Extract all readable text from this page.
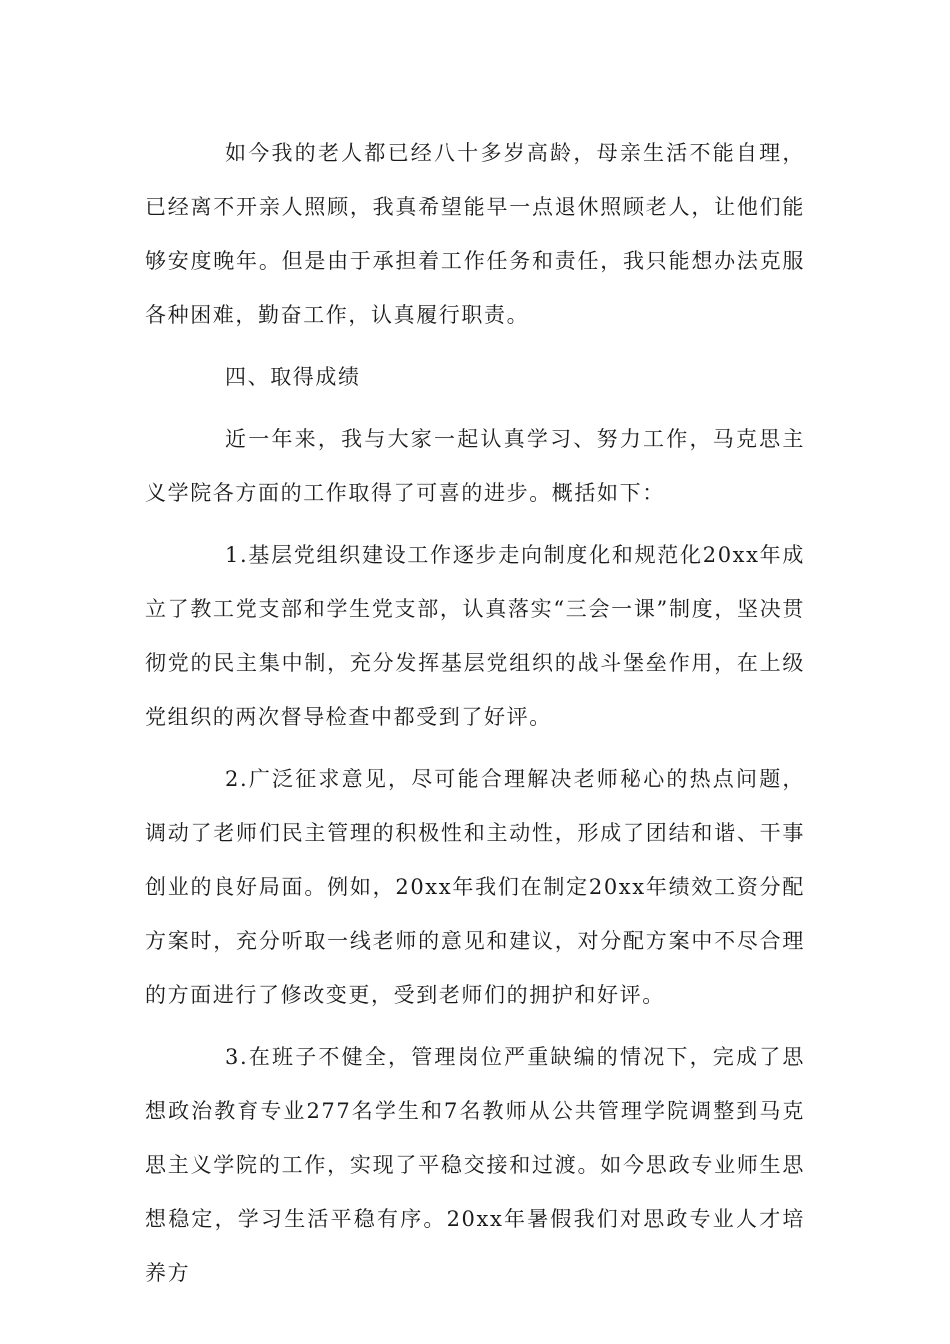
如今我的老人都已经八十多岁高龄，母亲生活不能自理，已经离不开亲人照顾，我真希望能早一点退休照顾老人，让他们能够安度晚年。但是由于承担着工作任务和责任，我只能想办法克服各种困难，勤奋工作，认真履行职责。

四、取得成绩

近一年来，我与大家一起认真学习、努力工作，马克思主义学院各方面的工作取得了可喜的进步。概括如下：

1.基层党组织建设工作逐步走向制度化和规范化20xx年成立了教工党支部和学生党支部，认真落实“三会一课”制度，坚决贯彻党的民主集中制，充分发挥基层党组织的战斗堡垒作用，在上级党组织的两次督导检查中都受到了好评。

2.广泛征求意见，尽可能合理解决老师秘心的热点问题，调动了老师们民主管理的积极性和主动性，形成了团结和谐、干事创业的良好局面。例如，20xx年我们在制定20xx年绩效工资分配方案时，充分听取一线老师的意见和建议，对分配方案中不尽合理的方面进行了修改变更，受到老师们的拥护和好评。

3.在班子不健全，管理岗位严重缺编的情况下，完成了思想政治教育专业277名学生和7名教师从公共管理学院调整到马克思主义学院的工作，实现了平稳交接和过渡。如今思政专业师生思想稳定，学习生活平稳有序。20xx年暑假我们对思政专业人才培养方
